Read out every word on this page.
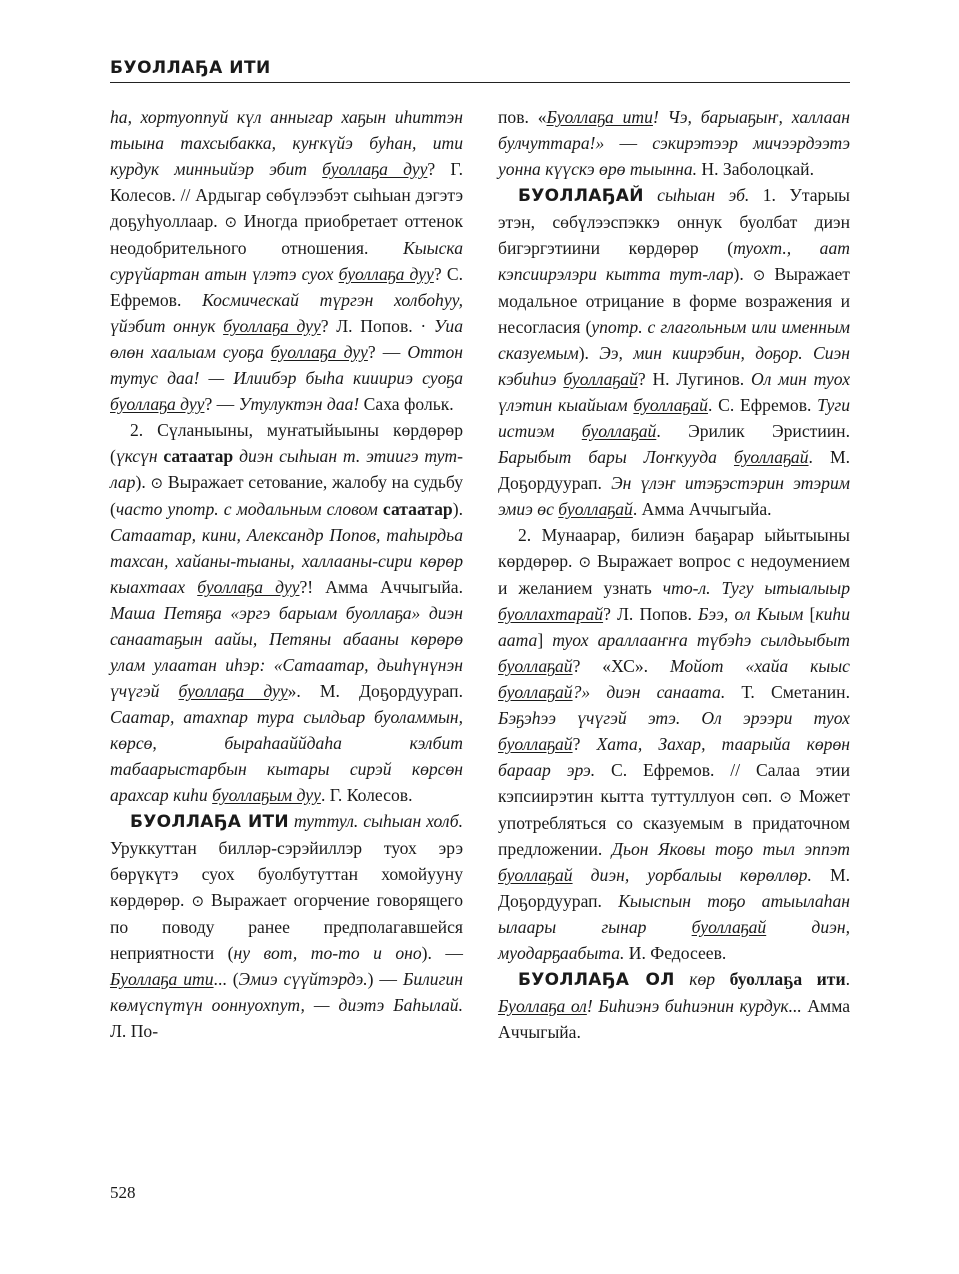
БУОЛЛАҔА ИТИ

һа, хортуоппуй күл анныгар хаҕын иһиттэн тыына тахсыбакка, куҥкүйэ буһан, ити курдук минньийэр эбит буоллаҕа дуу? Г. Колесов. // Ардыгар сөбүлээбэт сыһыан дэгэтэ доҕуһуоллаар. ⊙ Иногда приобретает оттенок неодобрительного отношения. Кыыска сурүйартан атын үлэтэ суох буоллаҕа дуу? С. Ефремов. Космическай түргэн холбоһуу, үйэбит оннук буоллаҕа дуу? Л. Попов. · Уиа өлөн хаалыам суоҕа буоллаҕа дуу? — Оттон тутус даа! — Илиибэр быһа кииириэ суоҕа буоллаҕа дуу? — Утулуктэн даа! Саха фольк.

2. Сүланыыны, муҥатыйыыны көрдөрөр (үксүн сатаатар диэн сыһыан т. этиигэ тут-лар). ⊙ Выражает сетование, жалобу на судьбу (часто употр. с модальным словом сатаатар). Сатаатар, кини, Александр Попов, таһырдьа тахсан, хайаны-тыаны, халлааны-сири көрөр кыахтаах буоллаҕа дуу?! Амма Аччыгыйа. Маша Петяҕа «эргэ барыам буоллаҕа» диэн санаатаҕын аайы, Петяны абааны көрөрө улам улаатан иһэр: «Сатаатар, дьиһүнүнэн үчүгэй буоллаҕа дуу». М. Доҕордуурап. Саатар, атахпар тура сылдьар буоламмын, көрсө, быраһааййдаһа кэлбит табаарыстарбын кытары сирэй көрсөн арахсар киһи буоллаҕым дуу. Г. Колесов.

БУОЛЛАҔА ИТИ туттул. сыһыан холб. Уруккуттан билләр-сэрэйиллэр туох эрэ бөрүкүтэ суох буолбутуттан хомойууну көрдөрөр. ⊙ Выражает огорчение говорящего по поводу ранее предполагавшейся неприятности (ну вот, то-то и оно). — Буоллаҕа ити... (Эмиэ сүүйтэрдэ.) — Билигин көмүспүтүн ооннуохпут, — диэтэ Баһылай. Л. По-

пов. «Буоллаҕа ити! Чэ, барыаҕыҥ, халлаан булчуттара!» — сэкирэтээр мичээрдээтэ уонна күүскэ өрө тыынна. Н. Заболоцкай.

БУОЛЛАҔАЙ сыһыан эб. 1. Утарыы этэн, сөбүлээспэккэ оннук буолбат диэн бигэргэтиини көрдөрөр (туохт., аат кэпсиирэлэри кытта тут-лар). ⊙ Выражает модальное отрицание в форме возражения и несогласия (употр. с глагольным или именным сказуемым). Ээ, мин киирэбин, доҕор. Сиэн кэбиһиэ буоллаҕай? Н. Лугинов. Ол мин туох үлэтин кыайыам буоллаҕай. С. Ефремов. Туги истиэм буоллаҕай. Эрилик Эристиин. Барыбыт бары Лоҥкууда буоллаҕай. М. Доҕордуурап. Эн үлэҥ итэҕэстэрин этэрим эмиэ өс буоллаҕай. Амма Аччыгыйа.

2. Мунаарар, билиэн баҕарар ыйытыыны көрдөрөр. ⊙ Выражает вопрос с недоумением и желанием узнать что-л. Тугу ытыалыыр буоллахтарай? Л. Попов. Бээ, ол Кыым [киһи аата] туох араллааҥҥа түбэһэ сылдьыбыт буоллаҕай? «ХС». Мойот «хайа кыыс буоллаҕай?» диэн санаата. Т. Сметанин. Бэҕэһээ үчүгэй этэ. Ол эрээри туох буоллаҕай? Хата, Захар, таарыйа көрөн бараар эрэ. С. Ефремов. // Салаа этии кэпсиирэтин кытта туттуллуон сөп. ⊙ Может употребляться со сказуемым в придаточном предложении. Дьон Яковы тоҕо тыл эппэт буоллаҕай диэн, уорбалыы көрөллөр. М. Доҕордуурап. Кыыспын тоҕо атыылаһан ылаары гынар буоллаҕай диэн, муодарҕаабыта. И. Федосеев.

БУОЛЛАҔА ОЛ көр буоллаҕа ити. Буоллаҕа ол! Биһиэнэ биһиэнин курдук... Амма Аччыгыйа.

528
